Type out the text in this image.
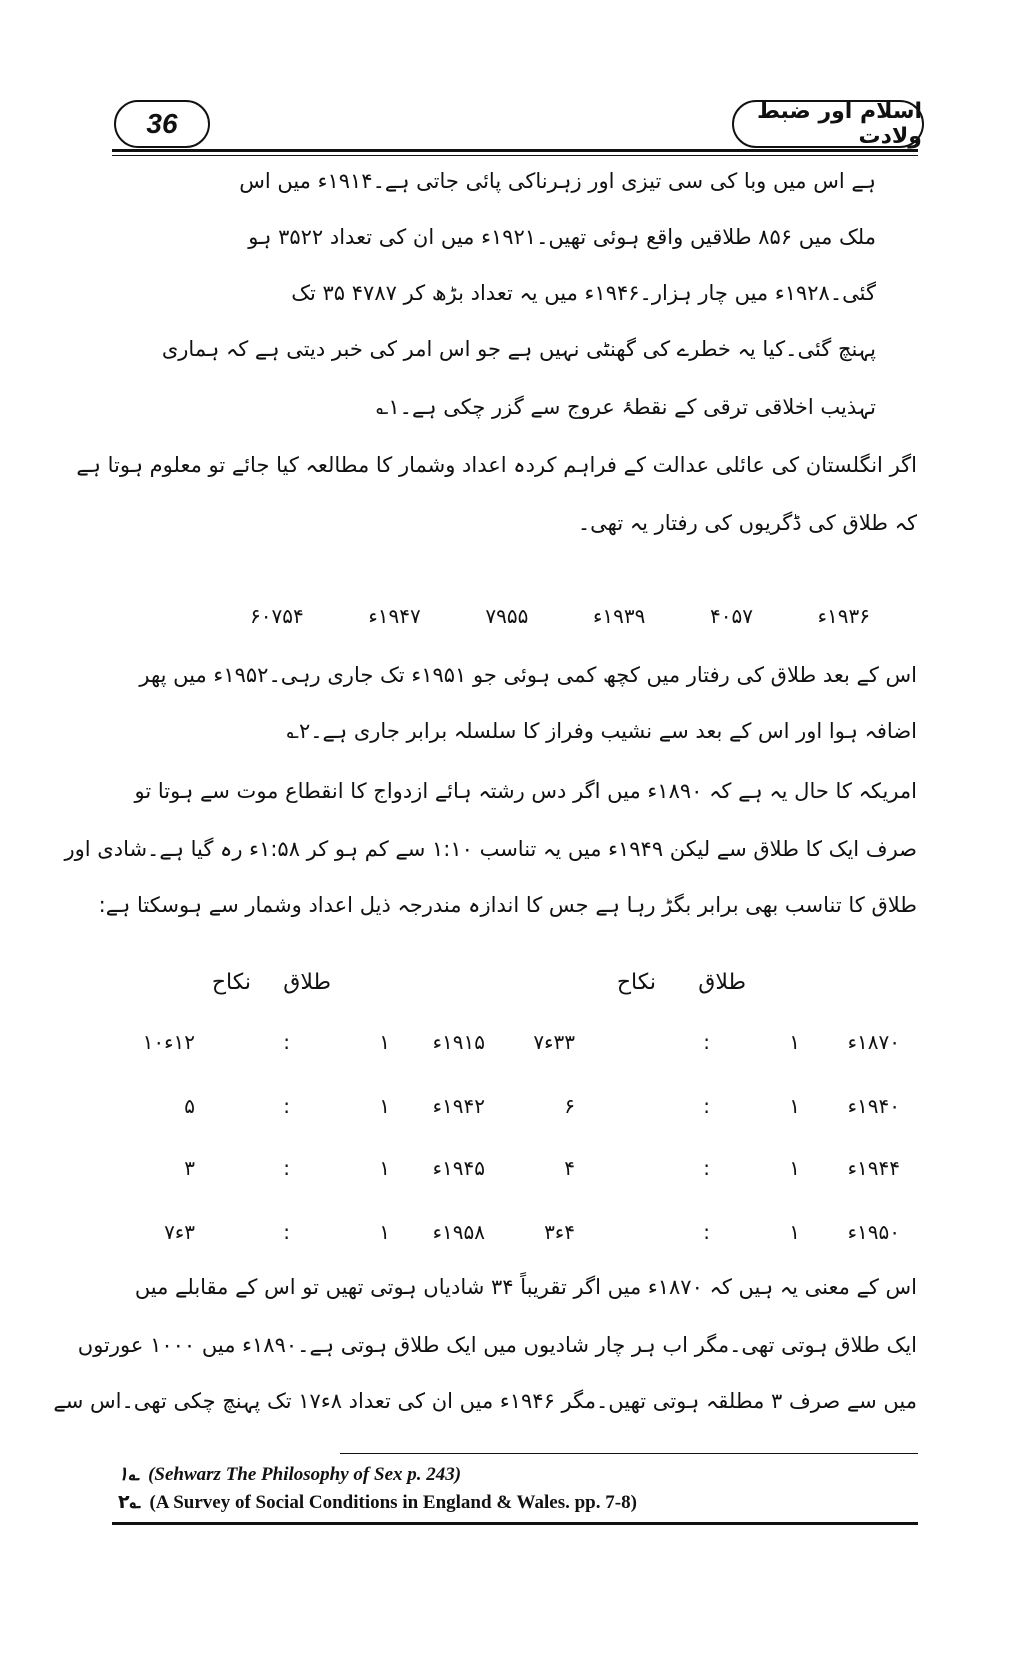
36	اسلام اور ضبط ولادت
ہے اس میں وبا کی سی تیزی اور زہرناکی پائی جاتی ہے۔۱۹۱۴ء میں اس
ملک میں ۸۵۶ طلاقیں واقع ہوئی تھیں۔۱۹۲۱ء میں ان کی تعداد ۳۵۲۲ ہو
گئی۔۱۹۲۸ء میں چار ہزار۔۱۹۴۶ء میں یہ تعداد بڑھ کر ۴۷۸۷ ۳۵ تک
پہنچ گئی۔کیا یہ خطرے کی گھنٹی نہیں ہے جو اس امر کی خبر دیتی ہے کہ ہماری
تہذیب اخلاقی ترقی کے نقطۂ عروج سے گزر چکی ہے۔۱؎
اگر انگلستان کی عائلی عدالت کے فراہم کردہ اعداد وشمار کا مطالعہ کیا جائے تو معلوم ہوتا ہے
کہ طلاق کی ڈگریوں کی رفتار یہ تھی۔
۱۹۳۶ء
۴۰۵۷
۱۹۳۹ء
۷۹۵۵
۱۹۴۷ء
۶۰۷۵۴
اس کے بعد طلاق کی رفتار میں کچھ کمی ہوئی جو ۱۹۵۱ء تک جاری رہی۔۱۹۵۲ء میں پھر
اضافہ ہوا اور اس کے بعد سے نشیب وفراز کا سلسلہ برابر جاری ہے۔۲؎
امریکہ کا حال یہ ہے کہ ۱۸۹۰ء میں اگر دس رشتہ ہائے ازدواج کا انقطاع موت سے ہوتا تو
صرف ایک کا طلاق سے لیکن ۱۹۴۹ء میں یہ تناسب ۱:۱۰ سے کم ہو کر ۱:۵۸ء رہ گیا ہے۔شادی اور
طلاق کا تناسب بھی برابر بگڑ رہا ہے جس کا اندازہ مندرجہ ذیل اعداد وشمار سے ہوسکتا ہے:
طلاق
نکاح
طلاق
نکاح
۱۸۷۰ء
۱
:
۳۳ء۷
۱۹۱۵ء
۱
:
۱۲ء۱۰
۱۹۴۰ء
۱
:
۶
۱۹۴۲ء
۱
:
۵
۱۹۴۴ء
۱
:
۴
۱۹۴۵ء
۱
:
۳
۱۹۵۰ء
۱
:
۴ء۳
۱۹۵۸ء
۱
:
۳ء۷
اس کے معنی یہ ہیں کہ ۱۸۷۰ء میں اگر تقریباً ۳۴ شادیاں ہوتی تھیں تو اس کے مقابلے میں
ایک طلاق ہوتی تھی۔مگر اب ہر چار شادیوں میں ایک طلاق ہوتی ہے۔۱۸۹۰ء میں ۱۰۰۰ عورتوں
میں سے صرف ۳ مطلقہ ہوتی تھیں۔مگر ۱۹۴۶ء میں ان کی تعداد ۸ء۱۷ تک پہنچ چکی تھی۔اس سے
۱؎ (Sehwarz The Philosophy of Sex p. 243)
۲؎ (A Survey of Social Conditions in England & Wales. pp. 7-8)
